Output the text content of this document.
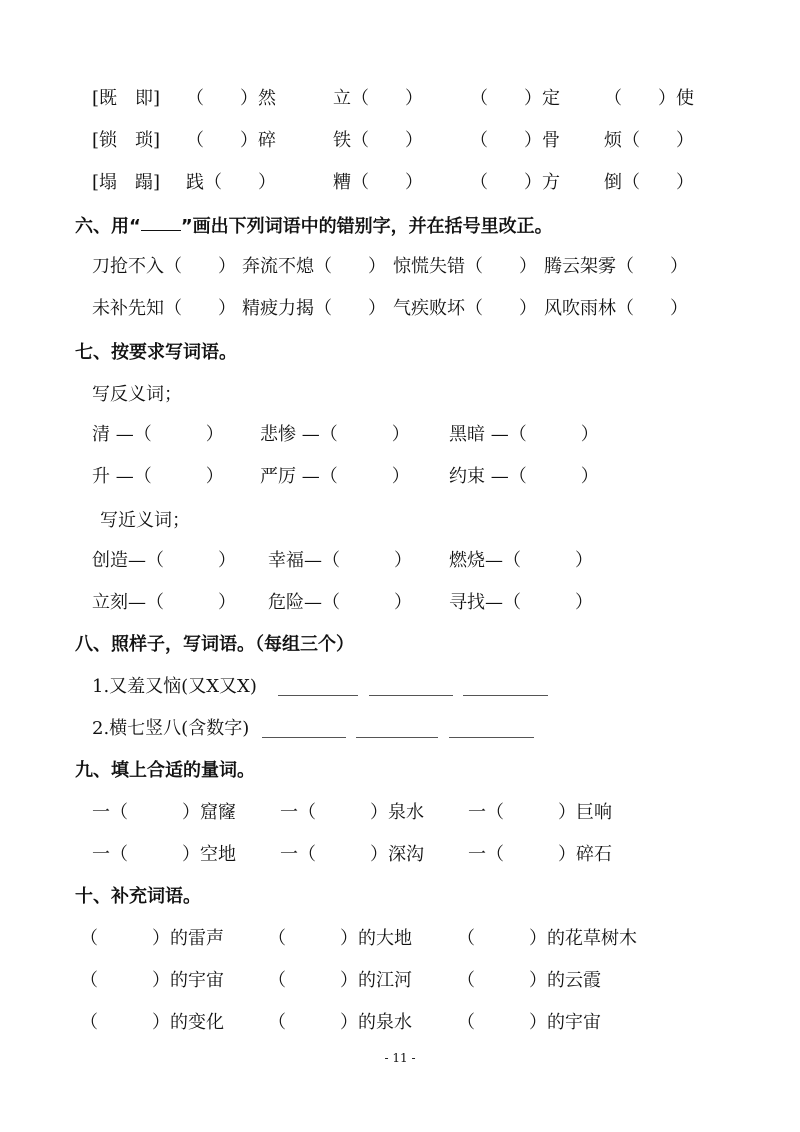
[既　即] （　　）然	立（　　）	（　　）定 （　　）使
[锁　琐] （　　）碎	铁（　　）	（　　）骨 烦（　　）
[塌　蹋] 践（　　）	糟（　　）	（　　）方 倒（　　）
六、用“ ”画出下列词语中的错别字，并在括号里改正。
刀抢不入（　　） 奔流不熄（　　） 惊慌失错（　　） 腾云架雾（　　）
未补先知（　　） 精疲力揭（　　） 气疾败坏（　　） 风吹雨林（　　）
七、按要求写词语。
写反义词；
清 —（　　　） 悲惨 —（　　　） 黑暗 —（　　　）
升 —（　　　） 严厉 —（　　　） 约束 —（　　　）
写近义词；
创造—（　　　） 幸福—（　　　） 燃烧—（　　　）
立刻—（　　　） 危险—（　　　） 寻找—（　　　）
八、照样子，写词语。（每组三个）
1.又羞又恼(又X又X)
2.横七竖八(含数字)
九、填上合适的量词。
一（　　　）窟窿 一（　　　）泉水 一（　　　）巨响
一（　　　）空地 一（　　　）深沟 一（　　　）碎石
十、补充词语。
（　　　）的雷声 （　　　）的大地	（　　　）的花草树木
（　　　）的宇宙 （　　　）的江河	（　　　）的云霞
（　　　）的变化 （　　　）的泉水	（　　　）的宇宙
- 11 -
